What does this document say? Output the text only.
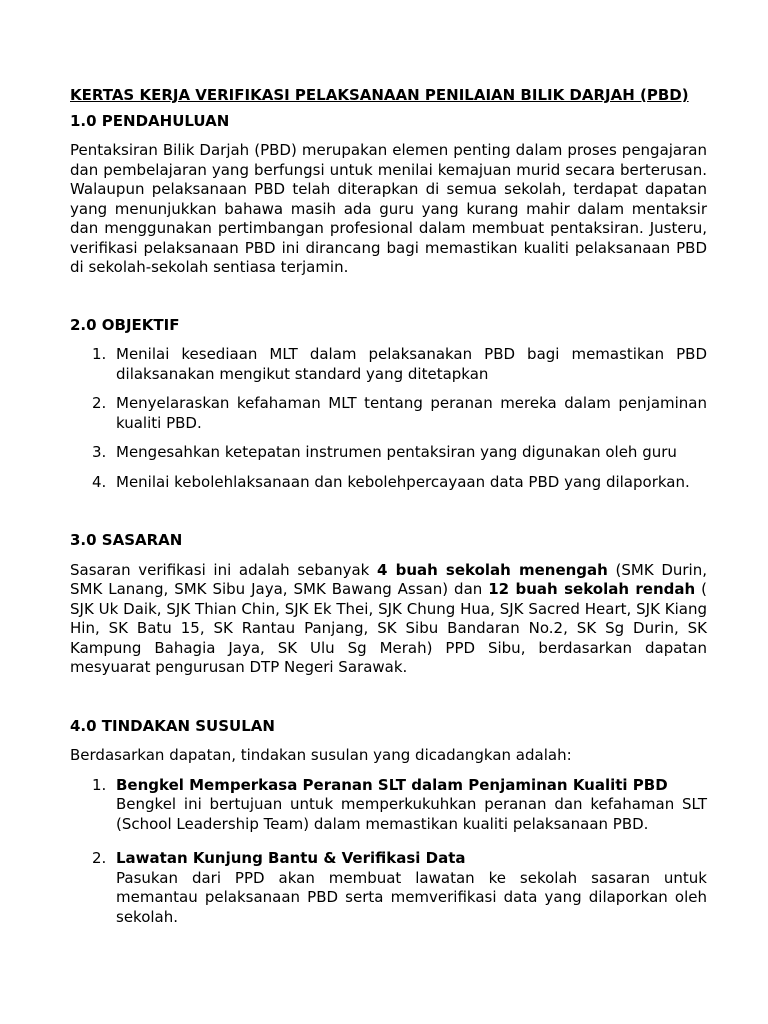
KERTAS KERJA VERIFIKASI PELAKSANAAN PENILAIAN BILIK DARJAH (PBD)
1.0 PENDAHULUAN

Pentaksiran Bilik Darjah (PBD) merupakan elemen penting dalam proses pengajaran dan pembelajaran yang berfungsi untuk menilai kemajuan murid secara berterusan. Walaupun pelaksanaan PBD telah diterapkan di semua sekolah, terdapat dapatan yang menunjukkan bahawa masih ada guru yang kurang mahir dalam mentaksir dan menggunakan pertimbangan profesional dalam membuat pentaksiran. Justeru, verifikasi pelaksanaan PBD ini dirancang bagi memastikan kualiti pelaksanaan PBD di sekolah-sekolah sentiasa terjamin.

2.0 OBJEKTIF
1. Menilai kesediaan MLT dalam pelaksanakan PBD bagi memastikan PBD dilaksanakan mengikut standard yang ditetapkan
2. Menyelaraskan kefahaman MLT tentang peranan mereka dalam penjaminan kualiti PBD.
3. Mengesahkan ketepatan instrumen pentaksiran yang digunakan oleh guru
4. Menilai kebolehlaksanaan dan kebolehpercayaan data PBD yang dilaporkan.
3.0 SASARAN

Sasaran verifikasi ini adalah sebanyak 4 buah sekolah menengah (SMK Durin, SMK Lanang, SMK Sibu Jaya, SMK Bawang Assan) dan 12 buah sekolah rendah ( SJK Uk Daik, SJK Thian Chin, SJK Ek Thei, SJK Chung Hua, SJK Sacred Heart, SJK Kiang Hin, SK Batu 15, SK Rantau Panjang, SK Sibu Bandaran No.2, SK Sg Durin, SK Kampung Bahagia Jaya, SK Ulu Sg Merah) PPD Sibu, berdasarkan dapatan mesyuarat pengurusan DTP Negeri Sarawak.

4.0 TINDAKAN SUSULAN

Berdasarkan dapatan, tindakan susulan yang dicadangkan adalah:

1. Bengkel Memperkasa Peranan SLT dalam Penjaminan Kualiti PBD
Bengkel ini bertujuan untuk memperkukuhkan peranan dan kefahaman SLT (School Leadership Team) dalam memastikan kualiti pelaksanaan PBD.
2. Lawatan Kunjung Bantu & Verifikasi Data
Pasukan dari PPD akan membuat lawatan ke sekolah sasaran untuk memantau pelaksanaan PBD serta memverifikasi data yang dilaporkan oleh sekolah.
